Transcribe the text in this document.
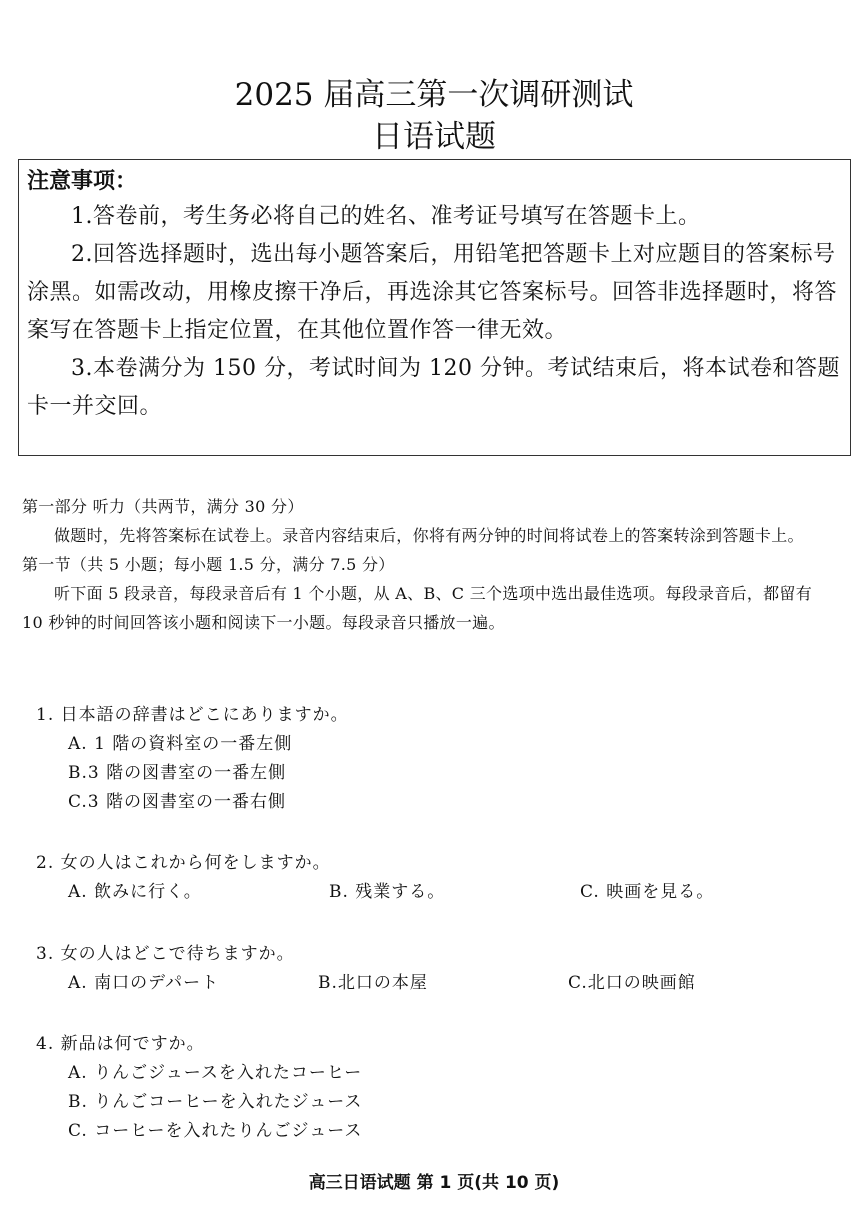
2025 届高三第一次调研测试
日语试题
注意事项：

1.答卷前，考生务必将自己的姓名、准考证号填写在答题卡上。

2.回答选择题时，选出每小题答案后，用铅笔把答题卡上对应题目的答案标号涂黑。如需改动，用橡皮擦干净后，再选涂其它答案标号。回答非选择题时，将答案写在答题卡上指定位置，在其他位置作答一律无效。

3.本卷满分为 150 分，考试时间为 120 分钟。考试结束后，将本试卷和答题卡一并交回。

第一部分 听力（共两节，满分 30 分）

做题时，先将答案标在试卷上。录音内容结束后，你将有两分钟的时间将试卷上的答案转涂到答题卡上。

第一节（共 5 小题；每小题 1.5 分，满分 7.5 分）

听下面 5 段录音，每段录音后有 1 个小题，从 A、B、C 三个选项中选出最佳选项。每段录音后，都留有 10 秒钟的时间回答该小题和阅读下一小题。每段录音只播放一遍。

1. 日本語の辞書はどこにありますか。

A. 1 階の資料室の一番左側

B.3 階の図書室の一番左側

C.3 階の図書室の一番右側

2. 女の人はこれから何をしますか。

A. 飲みに行く。	B. 残業する。	C. 映画を見る。

3. 女の人はどこで待ちますか。

A. 南口のデパート	B.北口の本屋	C.北口の映画館

4. 新品は何ですか。

A. りんごジュースを入れたコーヒー

B. りんごコーヒーを入れたジュース

C. コーヒーを入れたりんごジュース

高三日语试题 第 1 页(共 10 页)
